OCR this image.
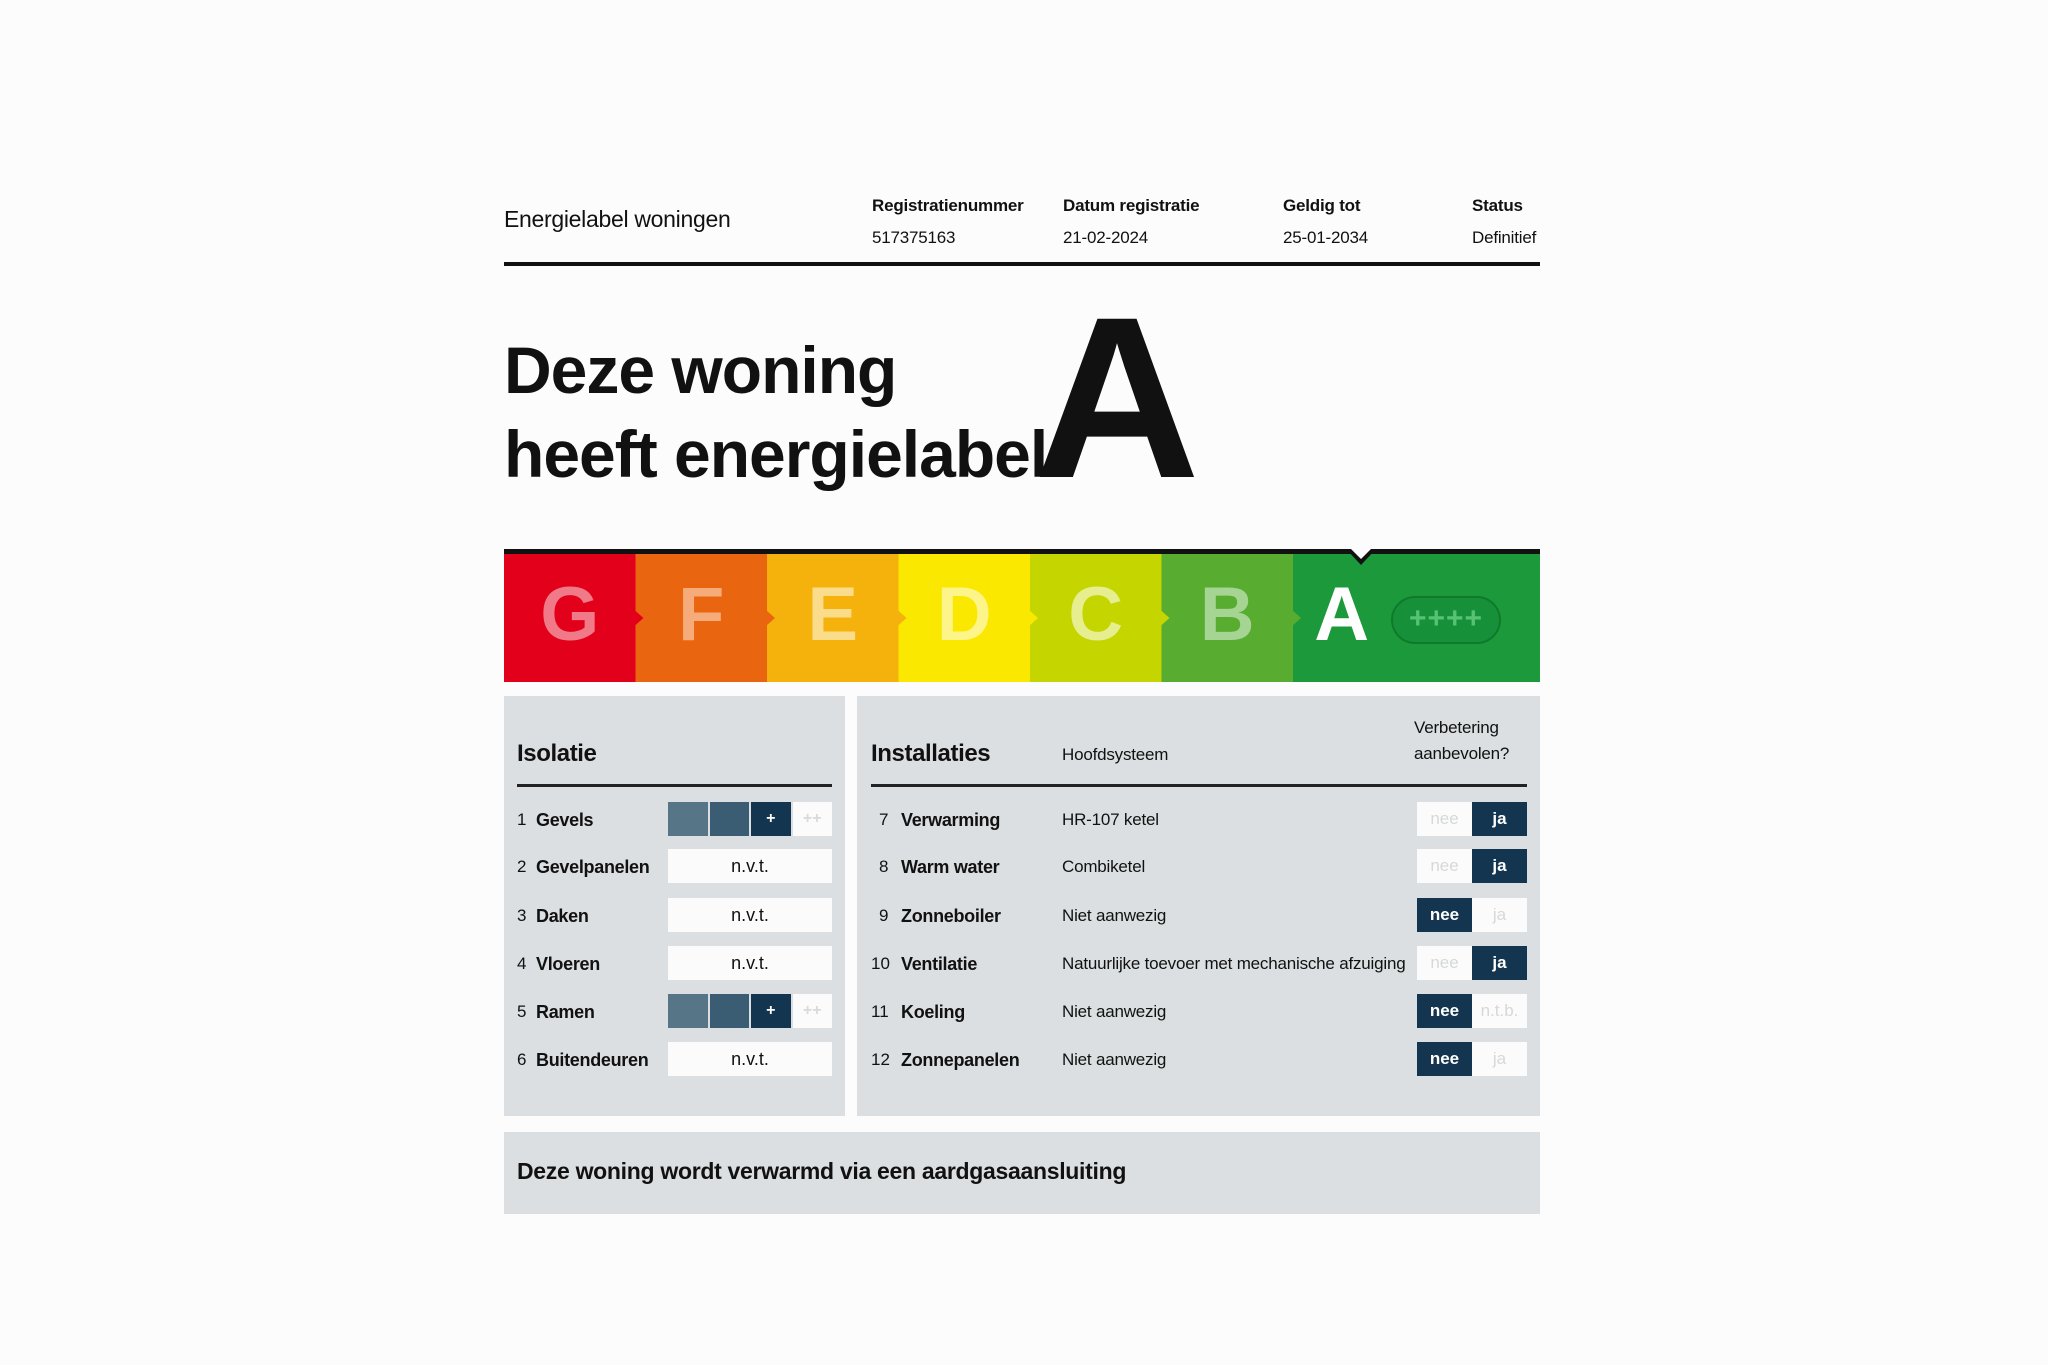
Energielabel woningen
Registratienummer
517375163
Datum registratie
21-02-2024
Geldig tot
25-01-2034
Status
Definitief
Deze woning
heeft energielabel
A
G F E D C B A ++++
Isolatie
1 Gevels	+	++
2 Gevelpanelen	n.v.t.
3 Daken	n.v.t.
4 Vloeren	n.v.t.
5 Ramen	+	++
6 Buitendeuren	n.v.t.
Installaties	Hoofdsysteem
Verbetering
aanbevolen?
7 Verwarming	HR-107 ketel	nee	ja
8 Warm water	Combiketel	nee	ja
9 Zonneboiler	Niet aanwezig	nee	ja
10 Ventilatie	Natuurlijke toevoer met mechanische afzuiging	nee	ja
11 Koeling	Niet aanwezig	nee	n.t.b.
12 Zonnepanelen	Niet aanwezig	nee	ja
Deze woning wordt verwarmd via een aardgasaansluiting
